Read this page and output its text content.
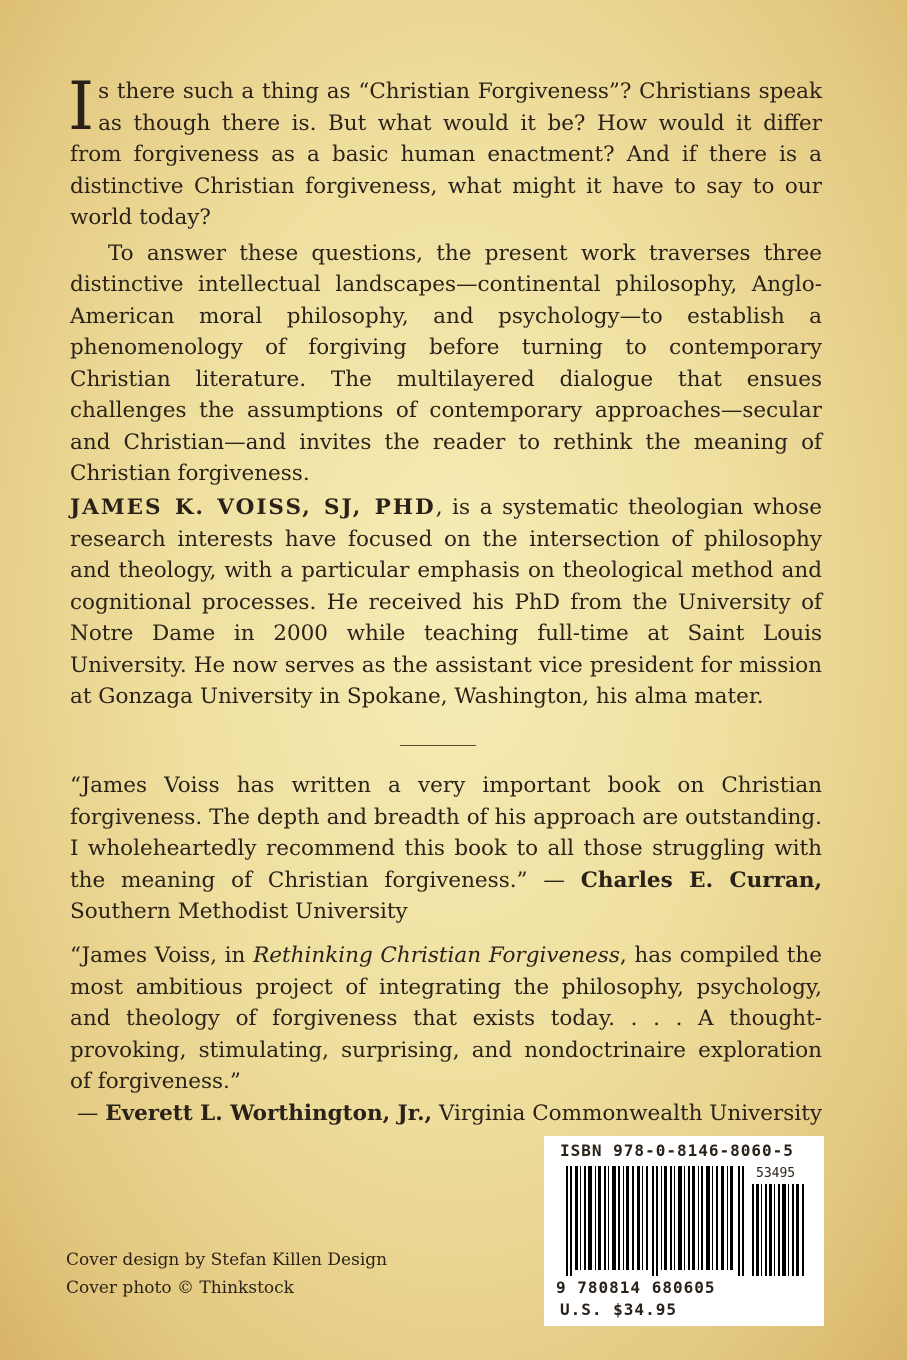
Is there such a thing as “Christian Forgiveness”? Christians speak as though there is. But what would it be? How would it differ from forgiveness as a basic human enactment? And if there is a distinctive Christian forgiveness, what might it have to say to our world today?

To answer these questions, the present work traverses three distinctive intellectual landscapes—continental philosophy, Anglo-American moral philosophy, and psychology—to establish a phenomenology of forgiving before turning to contemporary Christian literature. The multilayered dialogue that ensues challenges the assumptions of contemporary approaches—secular and Christian—and invites the reader to rethink the meaning of Christian forgiveness.

JAMES K. VOISS, SJ, PHD, is a systematic theologian whose research interests have focused on the intersection of philosophy and theology, with a particular emphasis on theological method and cognitional processes. He received his PhD from the University of Notre Dame in 2000 while teaching full-time at Saint Louis University. He now serves as the assistant vice president for mission at Gonzaga University in Spokane, Washington, his alma mater.

“James Voiss has written a very important book on Christian forgiveness. The depth and breadth of his approach are outstanding. I wholeheartedly recommend this book to all those struggling with the meaning of Christian forgiveness.” — Charles E. Curran, Southern Methodist University

“James Voiss, in Rethinking Christian Forgiveness, has compiled the most ambitious project of integrating the philosophy, psychology, and theology of forgiveness that exists today. . . . A thought-provoking, stimulating, surprising, and nondoctrinaire exploration of forgiveness.”

— Everett L. Worthington, Jr., Virginia Commonwealth University

Cover design by Stefan Killen Design
Cover photo © Thinkstock
ISBN 978-0-8146-8060-5
53495
9 780814 680605
U.S. $34.95
